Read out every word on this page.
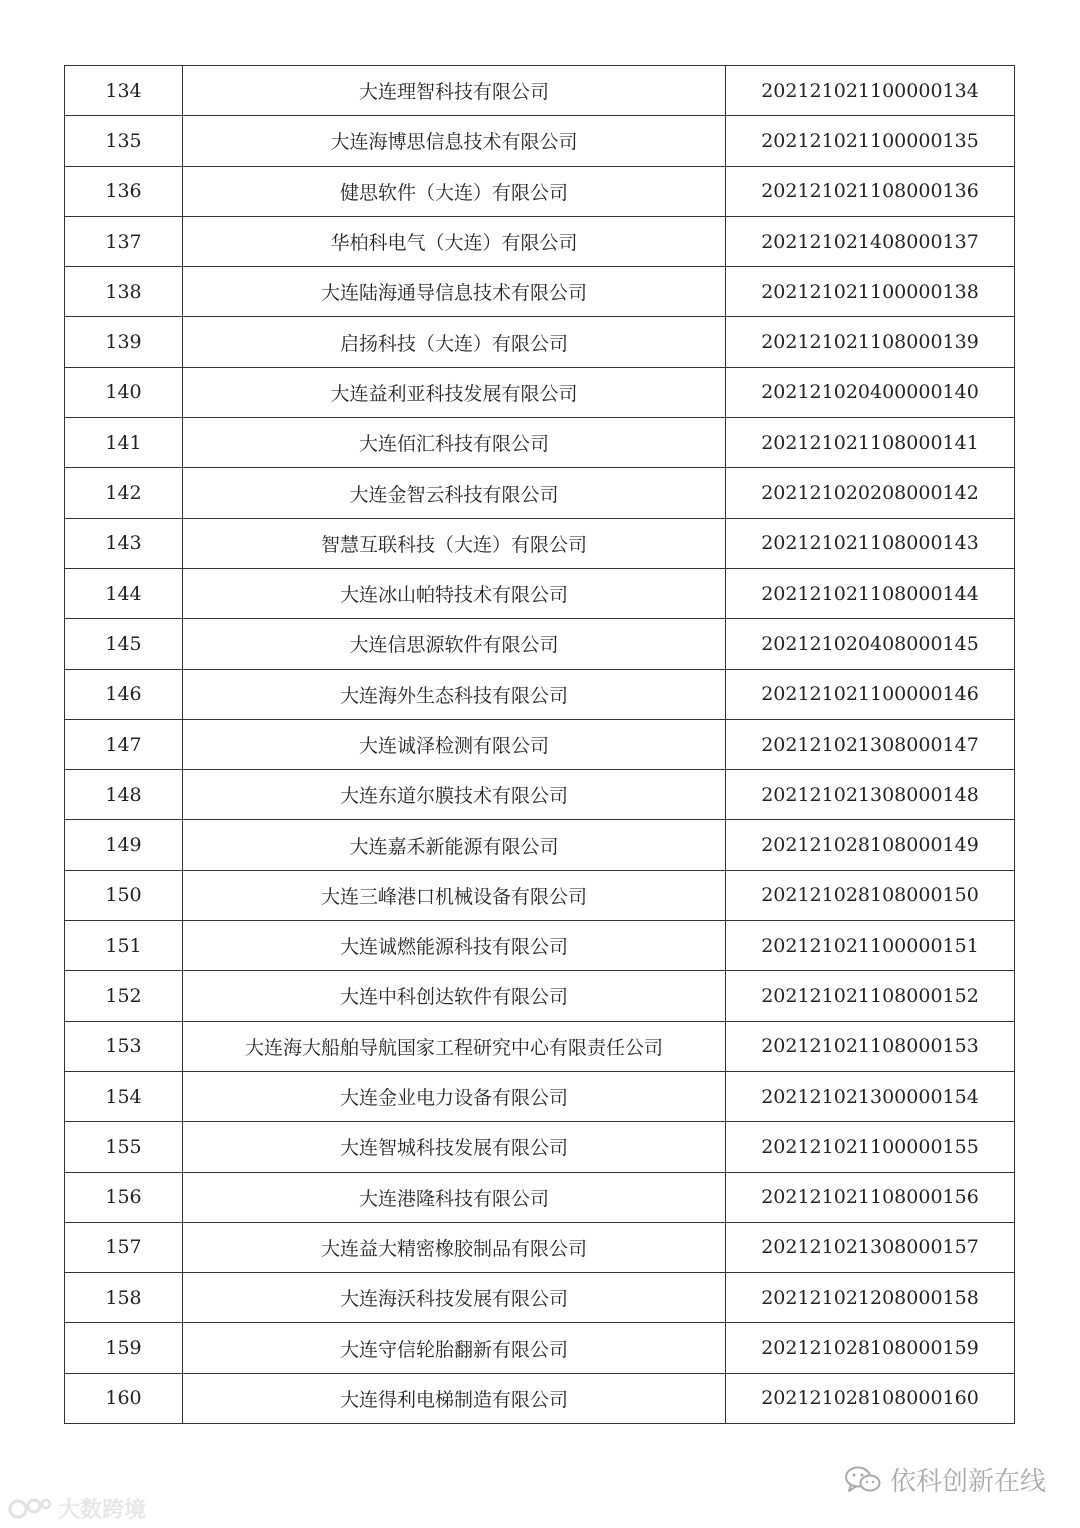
134	大连理智科技有限公司	202121021100000134
135	大连海博思信息技术有限公司	202121021100000135
136	健思软件（大连）有限公司	202121021108000136
137	华柏科电气（大连）有限公司	202121021408000137
138	大连陆海通导信息技术有限公司	202121021100000138
139	启扬科技（大连）有限公司	202121021108000139
140	大连益利亚科技发展有限公司	202121020400000140
141	大连佰汇科技有限公司	202121021108000141
142	大连金智云科技有限公司	202121020208000142
143	智慧互联科技（大连）有限公司	202121021108000143
144	大连冰山帕特技术有限公司	202121021108000144
145	大连信思源软件有限公司	202121020408000145
146	大连海外生态科技有限公司	202121021100000146
147	大连诚泽检测有限公司	202121021308000147
148	大连东道尔膜技术有限公司	202121021308000148
149	大连嘉禾新能源有限公司	202121028108000149
150	大连三峰港口机械设备有限公司	202121028108000150
151	大连诚燃能源科技有限公司	202121021100000151
152	大连中科创达软件有限公司	202121021108000152
153	大连海大船舶导航国家工程研究中心有限责任公司	202121021108000153
154	大连金业电力设备有限公司	202121021300000154
155	大连智城科技发展有限公司	202121021100000155
156	大连港隆科技有限公司	202121021108000156
157	大连益大精密橡胶制品有限公司	202121021308000157
158	大连海沃科技发展有限公司	202121021208000158
159	大连守信轮胎翻新有限公司	202121028108000159
160	大连得利电梯制造有限公司	202121028108000160
大数跨境
依科创新在线
